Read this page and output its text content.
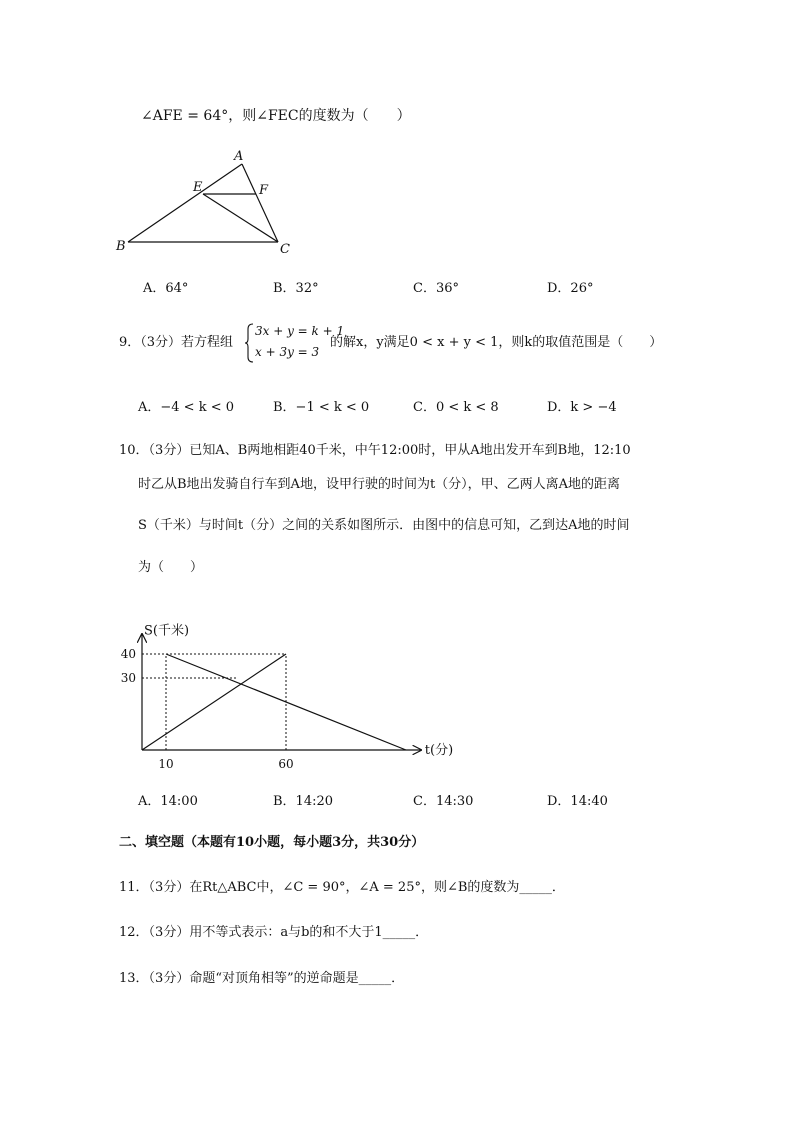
∠AFE = 64°，则∠FEC的度数为（　　）
A
E	F
B	C
A．64°	B．32°	C．36°	D．26°
9．（3分）若方程组
3x + y = k + 1
x + 3y = 3
的解x，y满足0 < x + y < 1，则k的取值范围是（　　）
A．−4 < k < 0	B．−1 < k < 0	C．0 < k < 8	D．k > −4
10．（3分）已知A、B两地相距40千米，中午12:00时，甲从A地出发开车到B地，12:10
时乙从B地出发骑自行车到A地，设甲行驶的时间为t（分），甲、乙两人离A地的距离
S（千米）与时间t（分）之间的关系如图所示．由图中的信息可知，乙到达A地的时间
为（　　）
40
30
10	60
S(千米)
t(分)
A．14:00	B．14:20	C．14:30	D．14:40
二、填空题（本题有10小题，每小题3分，共30分）
11．（3分）在Rt△ABC中，∠C = 90°，∠A = 25°，则∠B的度数为_____．
12．（3分）用不等式表示：a与b的和不大于1_____．
13．（3分）命题“对顶角相等”的逆命题是_____．
